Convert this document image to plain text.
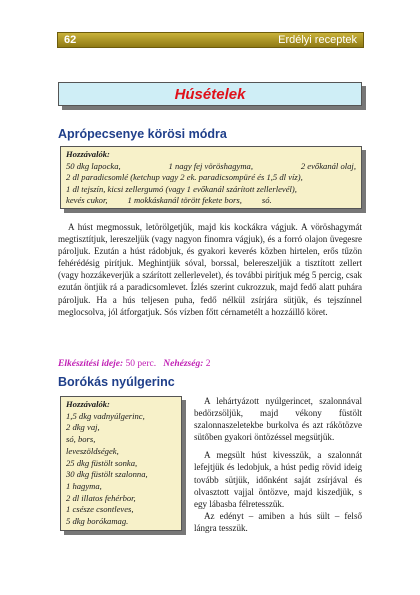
62	Erdélyi receptek
Húsételek
Aprópecsenye körösi módra
Hozzávalók:
50 dkg lapocka,	1 nagy fej vöröshagyma,	2 evőkanál olaj,
2 dl paradicsomlé (ketchup vagy 2 ek. paradicsompüré és 1,5 dl víz),
1 dl tejszín, kicsi zellergumó (vagy 1 evőkanál szárított zellerlevél),
kevés cukor, 1 mokkáskanál törött fekete bors, só.

A húst megmossuk, letörölgetjük, majd kis kockákra vágjuk. A vöröshagymát megtisztítjuk, lereszeljük (vagy nagyon finomra vágjuk), és a forró olajon üvegesre pároljuk. Ezután a húst rádobjuk, és gyakori keverés közben hirtelen, erős tűzön fehérédésig pirítjuk. Meghintjük sóval, borssal, belereszeljük a tisztított zellert (vagy hozzákeverjük a szárított zellerlevelet), és további pirítjuk még 5 percig, csak ezután öntjük rá a paradicsomlevet. Ízlés szerint cukrozzuk, majd fedő alatt puhára pároljuk. Ha a hús teljesen puha, fedő nélkül zsírjára sütjük, és tejszínnel meglocsolva, jól átforgatjuk. Sós vízben főtt cérnametélt a hozzáillő köret.

Elkészítési ideje: 50 perc. Nehézség: 2
Borókás nyúlgerinc
Hozzávalók:
1,5 dkg vadnyúlgerinc,
2 dkg vaj,
só, bors,
leveszöldségek,
25 dkg füstölt sonka,
30 dkg füstölt szalonna,
1 hagyma,
2 dl illatos fehérbor,
1 csésze csontleves,
5 dkg borókamag.

A lehártyázott nyúlgerincet, szalonnával bedörzsöljük, majd vékony füstölt szalonnaszeletekbe burkolva és azt rákötözve sütőben gyakori öntözéssel megsütjük.

A megsült húst kivesszük, a szalonnát lefejtjük és ledobjuk, a húst pedig rövid ideig tovább sütjük, időnként saját zsírjával és olvasztott vajjal öntözve, majd kiszedjük, s egy lábasba félretesszük.

Az edényt – amiben a hús sült – felső lángra tesszük.
